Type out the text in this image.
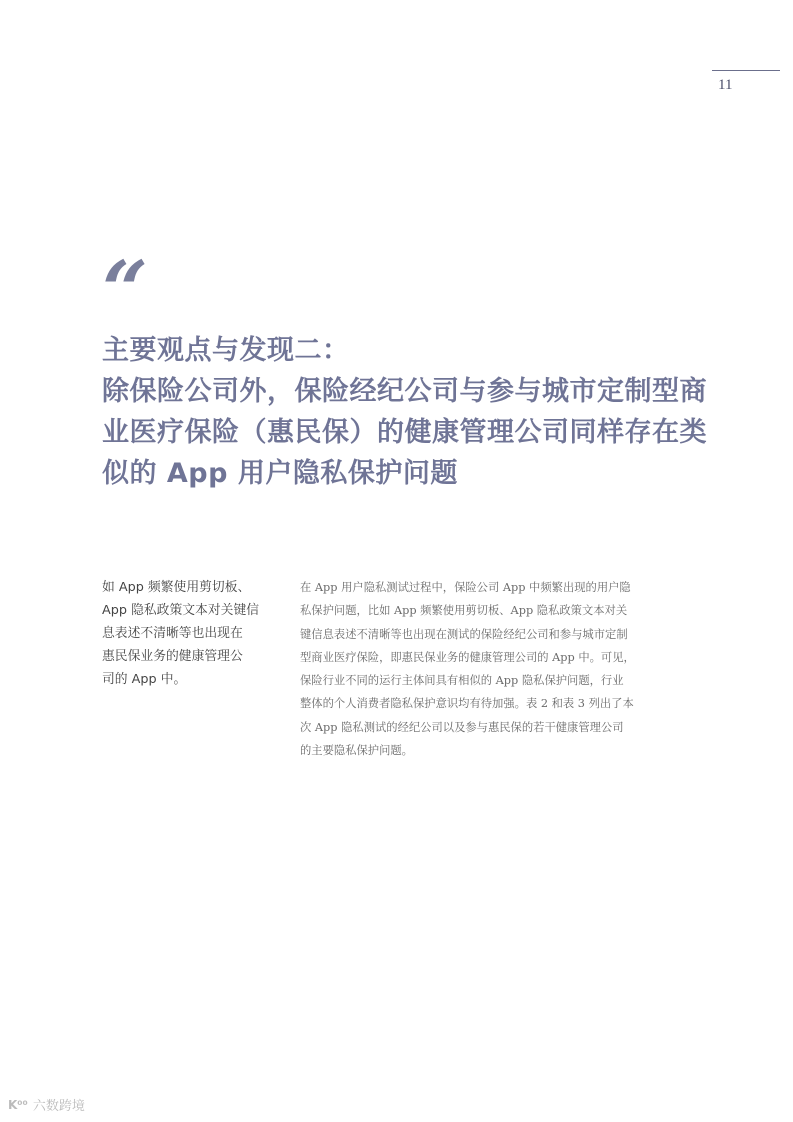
11
“
主要观点与发现二：
除保险公司外，保险经纪公司与参与城市定制型商
业医疗保险（惠民保）的健康管理公司同样存在类
似的 App 用户隐私保护问题
如 App 频繁使用剪切板、
App 隐私政策文本对关键信
息表述不清晰等也出现在
惠民保业务的健康管理公
司的 App 中。
在 App 用户隐私测试过程中，保险公司 App 中频繁出现的用户隐
私保护问题，比如 App 频繁使用剪切板、App 隐私政策文本对关
键信息表述不清晰等也出现在测试的保险经纪公司和参与城市定制
型商业医疗保险，即惠民保业务的健康管理公司的 App 中。可见，
保险行业不同的运行主体间具有相似的 App 隐私保护问题，行业
整体的个人消费者隐私保护意识均有待加强。表 2 和表 3 列出了本
次 App 隐私测试的经纪公司以及参与惠民保的若干健康管理公司
的主要隐私保护问题。
K⁰⁰ 六数跨境
